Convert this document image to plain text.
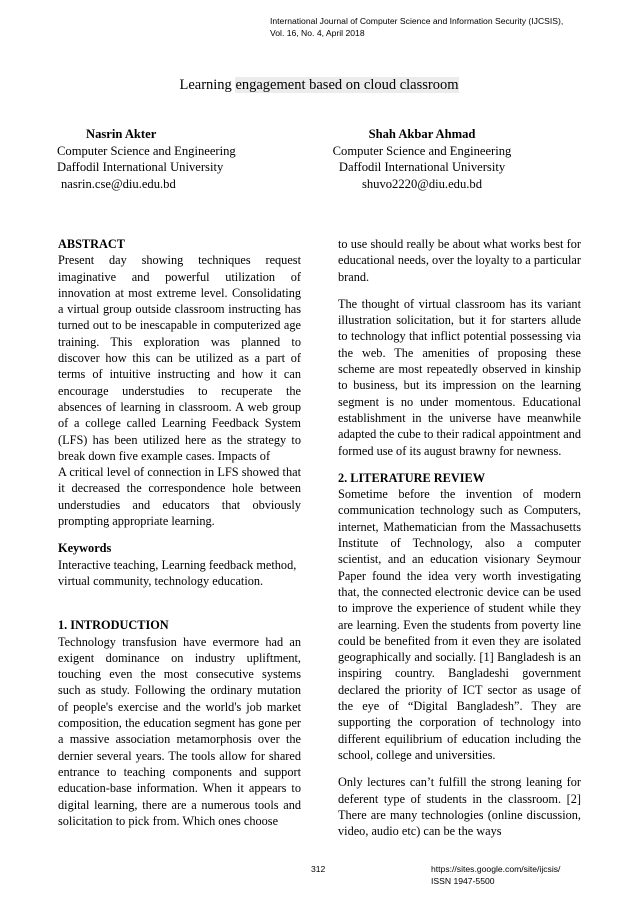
International Journal of Computer Science and Information Security (IJCSIS),
Vol. 16, No. 4, April 2018
Learning engagement based on cloud classroom
Nasrin Akter
Computer Science and Engineering
Daffodil International University
nasrin.cse@diu.edu.bd
Shah Akbar Ahmad
Computer Science and Engineering
Daffodil International University
shuvo2220@diu.edu.bd

ABSTRACT

Present day showing techniques request imaginative and powerful utilization of innovation at most extreme level. Consolidating a virtual group outside classroom instructing has turned out to be inescapable in computerized age training. This exploration was planned to discover how this can be utilized as a part of terms of intuitive instructing and how it can encourage understudies to recuperate the absences of learning in classroom. A web group of a college called Learning Feedback System (LFS) has been utilized here as the strategy to break down five example cases. Impacts of

A critical level of connection in LFS showed that it decreased the correspondence hole between understudies and educators that obviously prompting appropriate learning.

Keywords

Interactive teaching, Learning feedback method, virtual community, technology education.

1. INTRODUCTION

Technology transfusion have evermore had an exigent dominance on industry upliftment, touching even the most consecutive systems such as study. Following the ordinary mutation of people's exercise and the world's job market composition, the education segment has gone per a massive association metamorphosis over the dernier several years. The tools allow for shared entrance to teaching components and support education-base information. When it appears to digital learning, there are a numerous tools and solicitation to pick from. Which ones choose

to use should really be about what works best for educational needs, over the loyalty to a particular brand.

The thought of virtual classroom has its variant illustration solicitation, but it for starters allude to technology that inflict potential possessing via the web. The amenities of proposing these scheme are most repeatedly observed in kinship to business, but its impression on the learning segment is no under momentous. Educational establishment in the universe have meanwhile adapted the cube to their radical appointment and formed use of its august brawny for newness.

2. LITERATURE REVIEW

Sometime before the invention of modern communication technology such as Computers, internet, Mathematician from the Massachusetts Institute of Technology, also a computer scientist, and an education visionary Seymour Paper found the idea very worth investigating that, the connected electronic device can be used to improve the experience of student while they are learning. Even the students from poverty line could be benefited from it even they are isolated geographically and socially. [1] Bangladesh is an inspiring country. Bangladeshi government declared the priority of ICT sector as usage of the eye of “Digital Bangladesh”. They are supporting the corporation of technology into different equilibrium of education including the school, college and universities.

Only lectures can’t fulfill the strong leaning for deferent type of students in the classroom. [2] There are many technologies (online discussion, video, audio etc) can be the ways

312	https://sites.google.com/site/ijcsis/
ISSN 1947-5500
